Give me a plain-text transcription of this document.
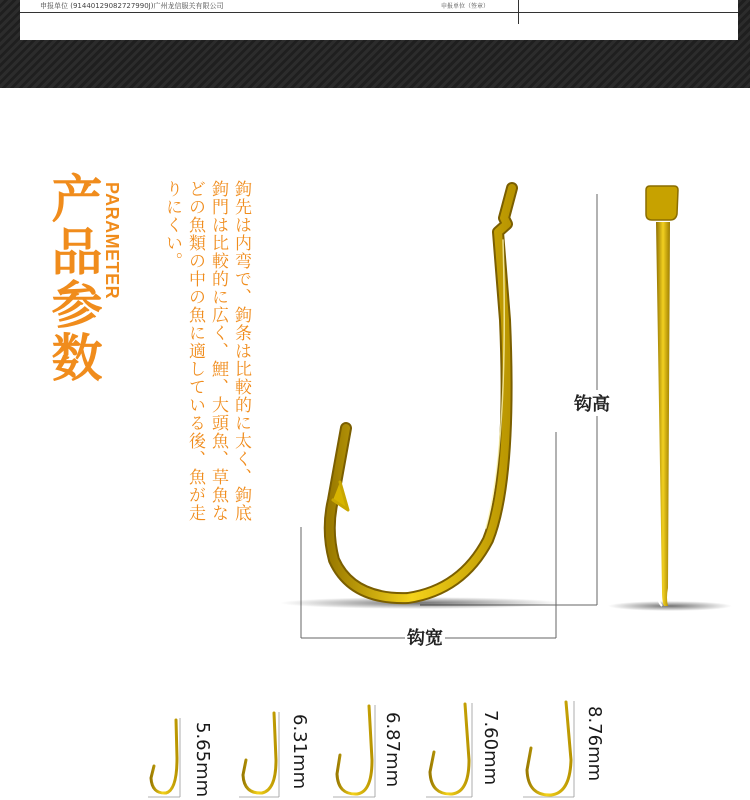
申报单位 (91440129082727990J)广州龙信服关有限公司	申报单位（签章）
产品参数 PARAMETER	鉤先は内弯で、鉤条は比較的に太く、鉤底鉤門は比較的に広く、鯉、大頭魚、草魚などの魚類の中の魚に適している後、魚が走りにくい。
钩高
钩宽
5.65mm	6.31mm	6.87mm	7.60mm	8.76mm
